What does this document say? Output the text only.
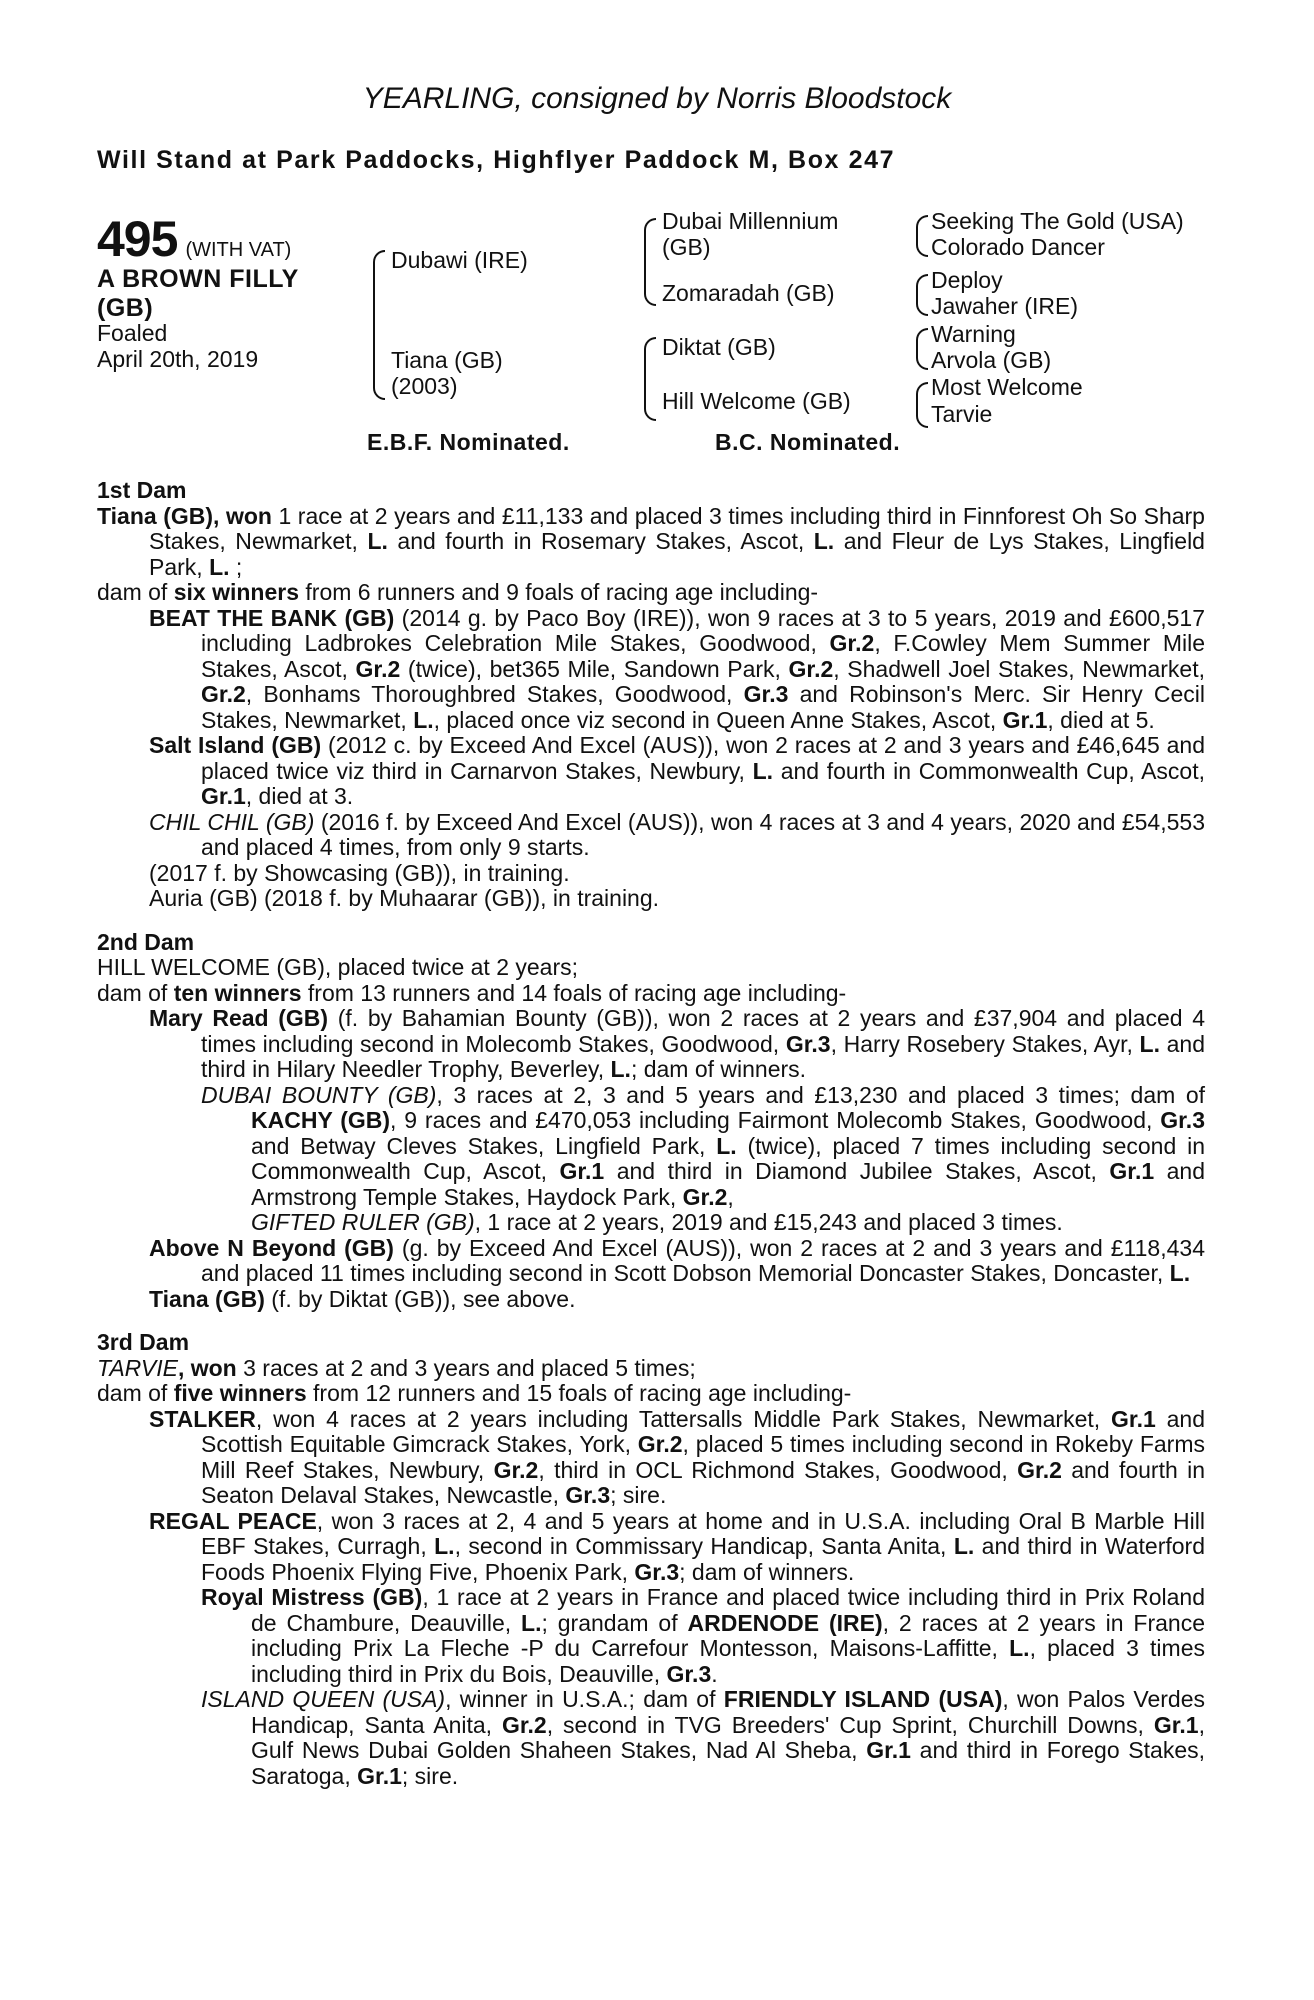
YEARLING, consigned by Norris Bloodstock
Will Stand at Park Paddocks, Highflyer Paddock M, Box 247
495 (WITH VAT)
A BROWN FILLY
(GB)
Foaled
April 20th, 2019
Dubawi (IRE)
Tiana (GB)
(2003)
Dubai Millennium
(GB)
Zomaradah (GB)
Diktat (GB)
Hill Welcome (GB)
Seeking The Gold (USA)
Colorado Dancer
Deploy
Jawaher (IRE)
Warning
Arvola (GB)
Most Welcome
Tarvie
E.B.F. Nominated.	B.C. Nominated.
1st Dam
Tiana (GB), won 1 race at 2 years and £11,133 and placed 3 times including third in Finnforest Oh So Sharp Stakes, Newmarket, L. and fourth in Rosemary Stakes, Ascot, L. and Fleur de Lys Stakes, Lingfield Park, L. ;
dam of six winners from 6 runners and 9 foals of racing age including-
BEAT THE BANK (GB) (2014 g. by Paco Boy (IRE)), won 9 races at 3 to 5 years, 2019 and £600,517 including Ladbrokes Celebration Mile Stakes, Goodwood, Gr.2, F.Cowley Mem Summer Mile Stakes, Ascot, Gr.2 (twice), bet365 Mile, Sandown Park, Gr.2, Shadwell Joel Stakes, Newmarket, Gr.2, Bonhams Thoroughbred Stakes, Goodwood, Gr.3 and Robinson's Merc. Sir Henry Cecil Stakes, Newmarket, L., placed once viz second in Queen Anne Stakes, Ascot, Gr.1, died at 5.
Salt Island (GB) (2012 c. by Exceed And Excel (AUS)), won 2 races at 2 and 3 years and £46,645 and placed twice viz third in Carnarvon Stakes, Newbury, L. and fourth in Commonwealth Cup, Ascot, Gr.1, died at 3.
CHIL CHIL (GB) (2016 f. by Exceed And Excel (AUS)), won 4 races at 3 and 4 years, 2020 and £54,553 and placed 4 times, from only 9 starts.
(2017 f. by Showcasing (GB)), in training.
Auria (GB) (2018 f. by Muhaarar (GB)), in training.
2nd Dam
HILL WELCOME (GB), placed twice at 2 years;
dam of ten winners from 13 runners and 14 foals of racing age including-
Mary Read (GB) (f. by Bahamian Bounty (GB)), won 2 races at 2 years and £37,904 and placed 4 times including second in Molecomb Stakes, Goodwood, Gr.3, Harry Rosebery Stakes, Ayr, L. and third in Hilary Needler Trophy, Beverley, L.; dam of winners.
DUBAI BOUNTY (GB), 3 races at 2, 3 and 5 years and £13,230 and placed 3 times; dam of KACHY (GB), 9 races and £470,053 including Fairmont Molecomb Stakes, Goodwood, Gr.3 and Betway Cleves Stakes, Lingfield Park, L. (twice), placed 7 times including second in Commonwealth Cup, Ascot, Gr.1 and third in Diamond Jubilee Stakes, Ascot, Gr.1 and Armstrong Temple Stakes, Haydock Park, Gr.2,
GIFTED RULER (GB), 1 race at 2 years, 2019 and £15,243 and placed 3 times.
Above N Beyond (GB) (g. by Exceed And Excel (AUS)), won 2 races at 2 and 3 years and £118,434 and placed 11 times including second in Scott Dobson Memorial Doncaster Stakes, Doncaster, L.
Tiana (GB) (f. by Diktat (GB)), see above.
3rd Dam
TARVIE, won 3 races at 2 and 3 years and placed 5 times;
dam of five winners from 12 runners and 15 foals of racing age including-
STALKER, won 4 races at 2 years including Tattersalls Middle Park Stakes, Newmarket, Gr.1 and Scottish Equitable Gimcrack Stakes, York, Gr.2, placed 5 times including second in Rokeby Farms Mill Reef Stakes, Newbury, Gr.2, third in OCL Richmond Stakes, Goodwood, Gr.2 and fourth in Seaton Delaval Stakes, Newcastle, Gr.3; sire.
REGAL PEACE, won 3 races at 2, 4 and 5 years at home and in U.S.A. including Oral B Marble Hill EBF Stakes, Curragh, L., second in Commissary Handicap, Santa Anita, L. and third in Waterford Foods Phoenix Flying Five, Phoenix Park, Gr.3; dam of winners.
Royal Mistress (GB), 1 race at 2 years in France and placed twice including third in Prix Roland de Chambure, Deauville, L.; grandam of ARDENODE (IRE), 2 races at 2 years in France including Prix La Fleche -P du Carrefour Montesson, Maisons-Laffitte, L., placed 3 times including third in Prix du Bois, Deauville, Gr.3.
ISLAND QUEEN (USA), winner in U.S.A.; dam of FRIENDLY ISLAND (USA), won Palos Verdes Handicap, Santa Anita, Gr.2, second in TVG Breeders' Cup Sprint, Churchill Downs, Gr.1, Gulf News Dubai Golden Shaheen Stakes, Nad Al Sheba, Gr.1 and third in Forego Stakes, Saratoga, Gr.1; sire.
